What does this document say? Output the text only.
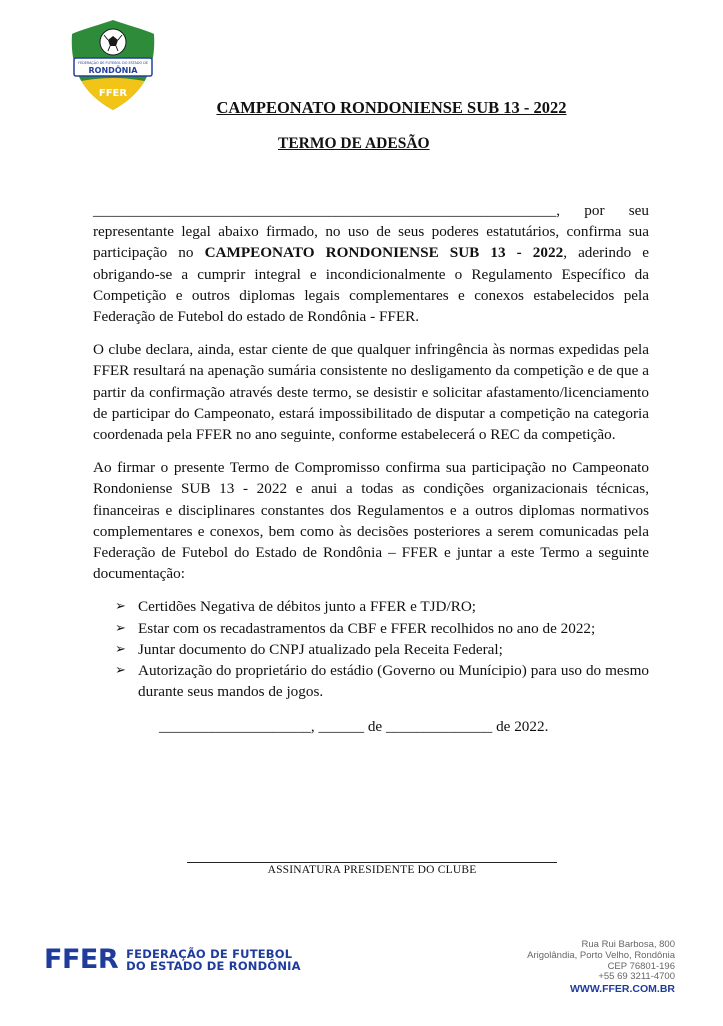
FEDERAÇÃO DE FUTEBOL DO ESTADO DE
RONDÔNIA
FFER
CAMPEONATO RONDONIENSE SUB 13 - 2022
TERMO DE ADESÃO

_____________________________________________________________, por seu representante legal abaixo firmado, no uso de seus poderes estatutários, confirma sua participação no CAMPEONATO RONDONIENSE SUB 13 - 2022, aderindo e obrigando-se a cumprir integral e incondicionalmente o Regulamento Específico da Competição e outros diplomas legais complementares e conexos estabelecidos pela Federação de Futebol do estado de Rondônia - FFER.

O clube declara, ainda, estar ciente de que qualquer infringência às normas expedidas pela FFER resultará na apenação sumária consistente no desligamento da competição e de que a partir da confirmação através deste termo, se desistir e solicitar afastamento/licenciamento de participar do Campeonato, estará impossibilitado de disputar a competição na categoria coordenada pela FFER no ano seguinte, conforme estabelecerá o REC da competição.

Ao firmar o presente Termo de Compromisso confirma sua participação no Campeonato Rondoniense SUB 13 - 2022 e anui a todas as condições organizacionais técnicas, financeiras e disciplinares constantes dos Regulamentos e a outros diplomas normativos complementares e conexos, bem como às decisões posteriores a serem comunicadas pela Federação de Futebol do Estado de Rondônia – FFER e juntar a este Termo a seguinte documentação:

➢ Certidões Negativa de débitos junto a FFER e TJD/RO;
➢ Estar com os recadastramentos da CBF e FFER recolhidos no ano de 2022;
➢ Juntar documento do CNPJ atualizado pela Receita Federal;
➢ Autorização do proprietário do estádio (Governo ou Munícipio) para uso do mesmo durante seus mandos de jogos.
____________________, ______ de ______________ de 2022.
ASSINATURA PRESIDENTE DO CLUBE
FFER FEDERAÇÃO DE FUTEBOL
DO ESTADO DE RONDÔNIA
Rua Rui Barbosa, 800
Arigolândia, Porto Velho, Rondônia
CEP 76801-196
+55 69 3211-4700
WWW.FFER.COM.BR
